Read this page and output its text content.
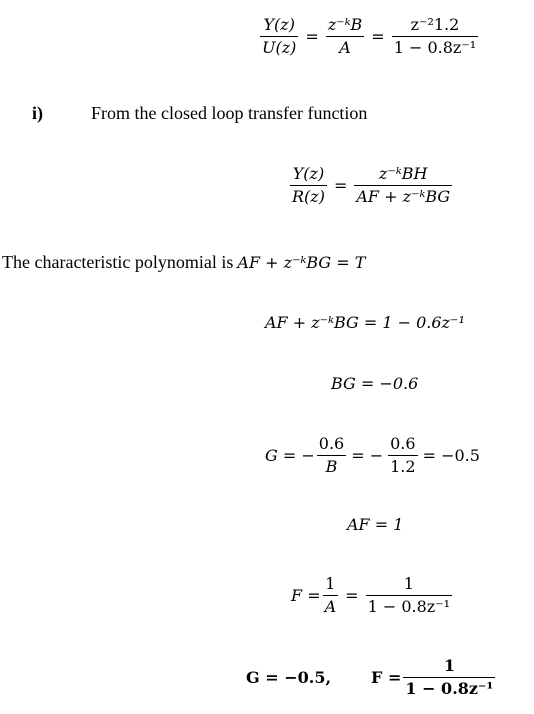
$\frac{Y(z)}{U(z)} = \frac{\text{z⁻ᵏB}}{A} = \frac{\text{z⁻²1.2}}{\text{1 − 0.8z⁻¹}}$
i)	From the closed loop transfer function
$\frac{Y(z)}{R(z)} = \frac{\text{z⁻ᵏBH}}{\text{AF + z⁻ᵏBG}}$
The characteristic polynomial is AF + z⁻ᵏBG = T
AF + z⁻ᵏBG = 1 − 0.6z⁻¹
BG = −0.6
G = − $\frac{0.6}{B}$ = − $\frac{0.6}{1.2} = -0.5$
AF = 1
$F = \frac{1}{A} = \frac{1}{\text{1 − 0.8z⁻¹}}$
G = −0.5,	$F = \frac{1}{\text{1 − 0.8z⁻¹}}$
